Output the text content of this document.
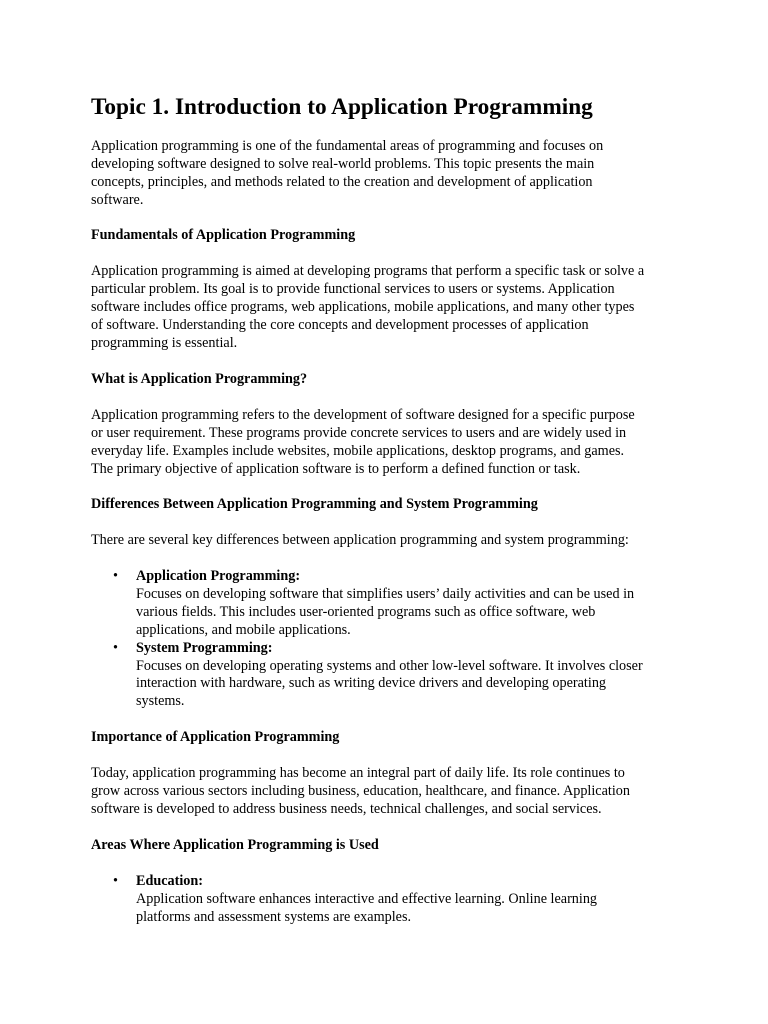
Topic 1. Introduction to Application Programming

Application programming is one of the fundamental areas of programming and focuses on

developing software designed to solve real-world problems. This topic presents the main

concepts, principles, and methods related to the creation and development of application

software.

Fundamentals of Application Programming

Application programming is aimed at developing programs that perform a specific task or solve a

particular problem. Its goal is to provide functional services to users or systems. Application

software includes office programs, web applications, mobile applications, and many other types

of software. Understanding the core concepts and development processes of application

programming is essential.

What is Application Programming?

Application programming refers to the development of software designed for a specific purpose

or user requirement. These programs provide concrete services to users and are widely used in

everyday life. Examples include websites, mobile applications, desktop programs, and games.

The primary objective of application software is to perform a defined function or task.

Differences Between Application Programming and System Programming

There are several key differences between application programming and system programming:

• Application Programming:

Focuses on developing software that simplifies users’ daily activities and can be used in

various fields. This includes user-oriented programs such as office software, web

applications, and mobile applications.

• System Programming:

Focuses on developing operating systems and other low-level software. It involves closer

interaction with hardware, such as writing device drivers and developing operating

systems.

Importance of Application Programming

Today, application programming has become an integral part of daily life. Its role continues to

grow across various sectors including business, education, healthcare, and finance. Application

software is developed to address business needs, technical challenges, and social services.

Areas Where Application Programming is Used
• Education:

Application software enhances interactive and effective learning. Online learning

platforms and assessment systems are examples.
